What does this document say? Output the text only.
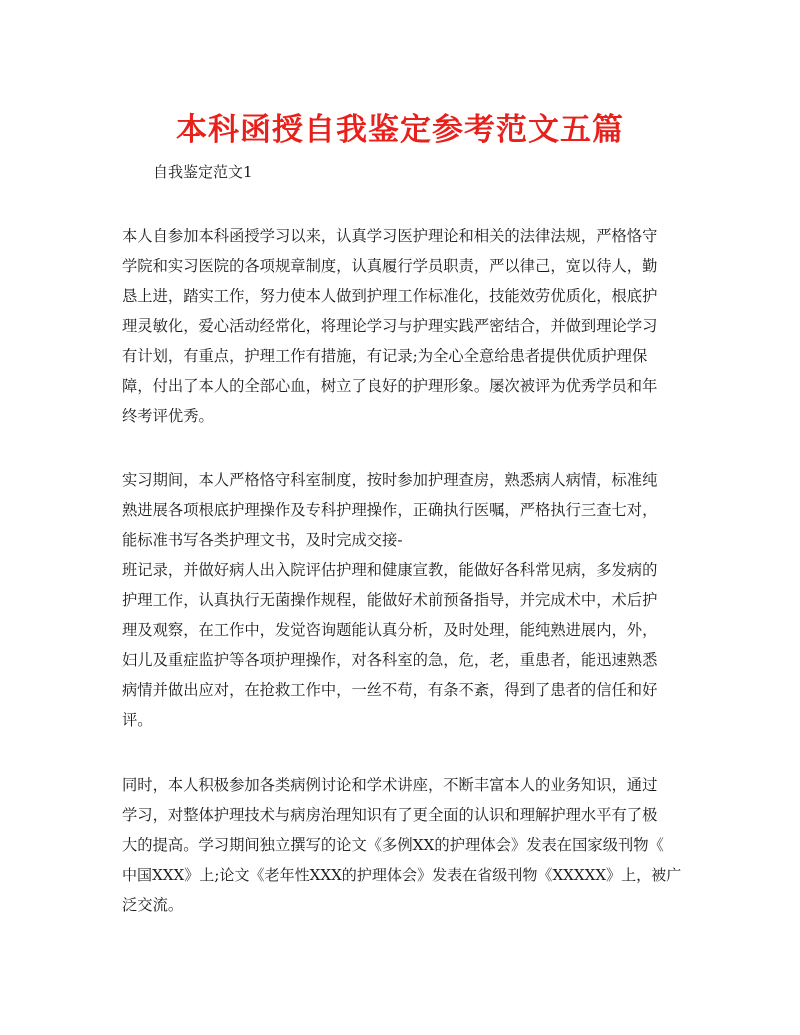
本科函授自我鉴定参考范文五篇
自我鉴定范文1
本人自参加本科函授学习以来，认真学习医护理论和相关的法律法规，严格恪守
学院和实习医院的各项规章制度，认真履行学员职责，严以律己，宽以待人，勤
恳上进，踏实工作，努力使本人做到护理工作标准化，技能效劳优质化，根底护
理灵敏化，爱心活动经常化，将理论学习与护理实践严密结合，并做到理论学习
有计划，有重点，护理工作有措施，有记录;为全心全意给患者提供优质护理保
障，付出了本人的全部心血，树立了良好的护理形象。屡次被评为优秀学员和年
终考评优秀。
实习期间，本人严格恪守科室制度，按时参加护理查房，熟悉病人病情，标准纯
熟进展各项根底护理操作及专科护理操作，正确执行医嘱，严格执行三查七对，
能标准书写各类护理文书，及时完成交接-
班记录，并做好病人出入院评估护理和健康宣教，能做好各科常见病，多发病的
护理工作，认真执行无菌操作规程，能做好术前预备指导，并完成术中，术后护
理及观察，在工作中，发觉咨询题能认真分析，及时处理，能纯熟进展内，外，
妇儿及重症监护等各项护理操作，对各科室的急，危，老，重患者，能迅速熟悉
病情并做出应对，在抢救工作中，一丝不苟，有条不紊，得到了患者的信任和好
评。
同时，本人积极参加各类病例讨论和学术讲座，不断丰富本人的业务知识，通过
学习，对整体护理技术与病房治理知识有了更全面的认识和理解护理水平有了极
大的提高。学习期间独立撰写的论文《多例XX的护理体会》发表在国家级刊物《
中国XXX》上;论文《老年性XXX的护理体会》发表在省级刊物《XXXXX》上，被广
泛交流。
